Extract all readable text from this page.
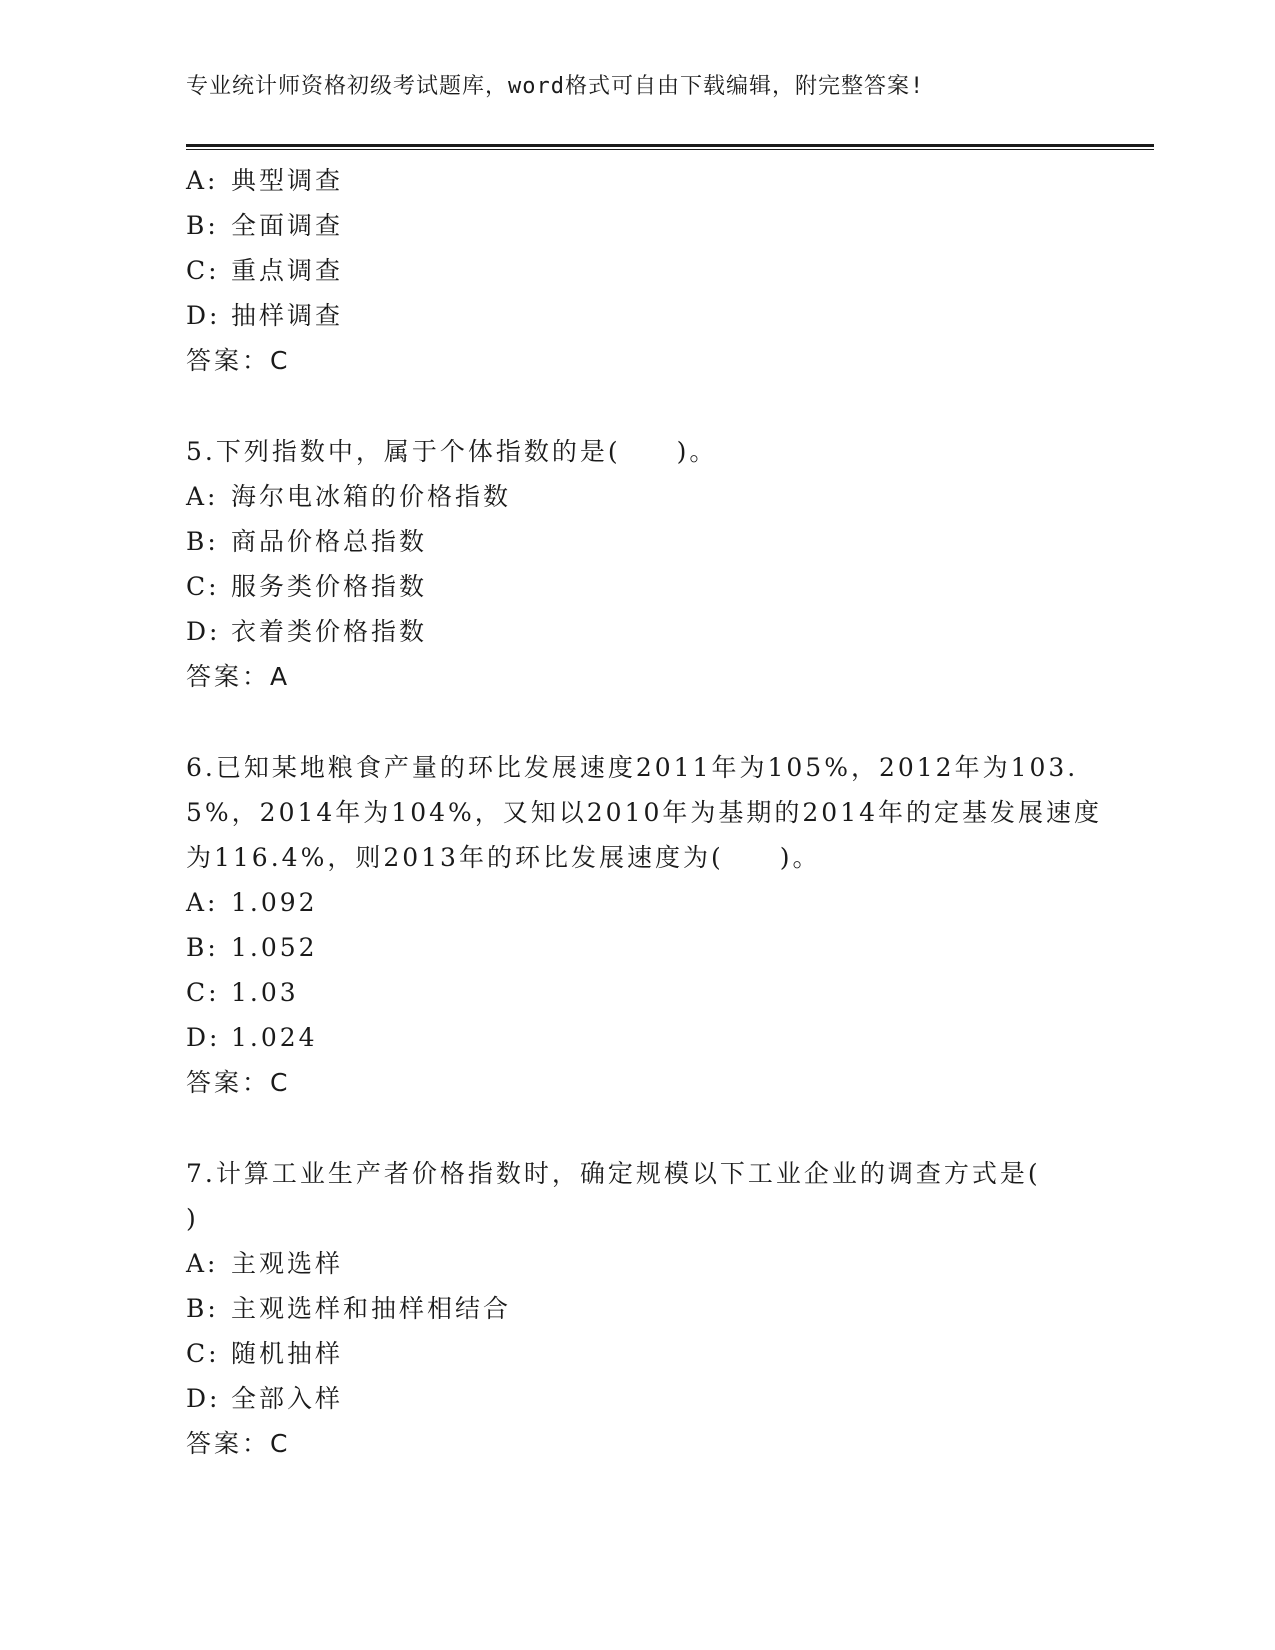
专业统计师资格初级考试题库，word格式可自由下载编辑，附完整答案!
A: 典型调查
B: 全面调查
C: 重点调查
D: 抽样调查
答案：C
5.下列指数中，属于个体指数的是(　　)。
A: 海尔电冰箱的价格指数
B: 商品价格总指数
C: 服务类价格指数
D: 衣着类价格指数
答案：A
6.已知某地粮食产量的环比发展速度2011年为105%，2012年为103.
5%，2014年为104%，又知以2010年为基期的2014年的定基发展速度
为116.4%，则2013年的环比发展速度为(　　)。
A: 1.092
B: 1.052
C: 1.03
D: 1.024
答案：C
7.计算工业生产者价格指数时，确定规模以下工业企业的调查方式是(
)
A: 主观选样
B: 主观选样和抽样相结合
C: 随机抽样
D: 全部入样
答案：C
